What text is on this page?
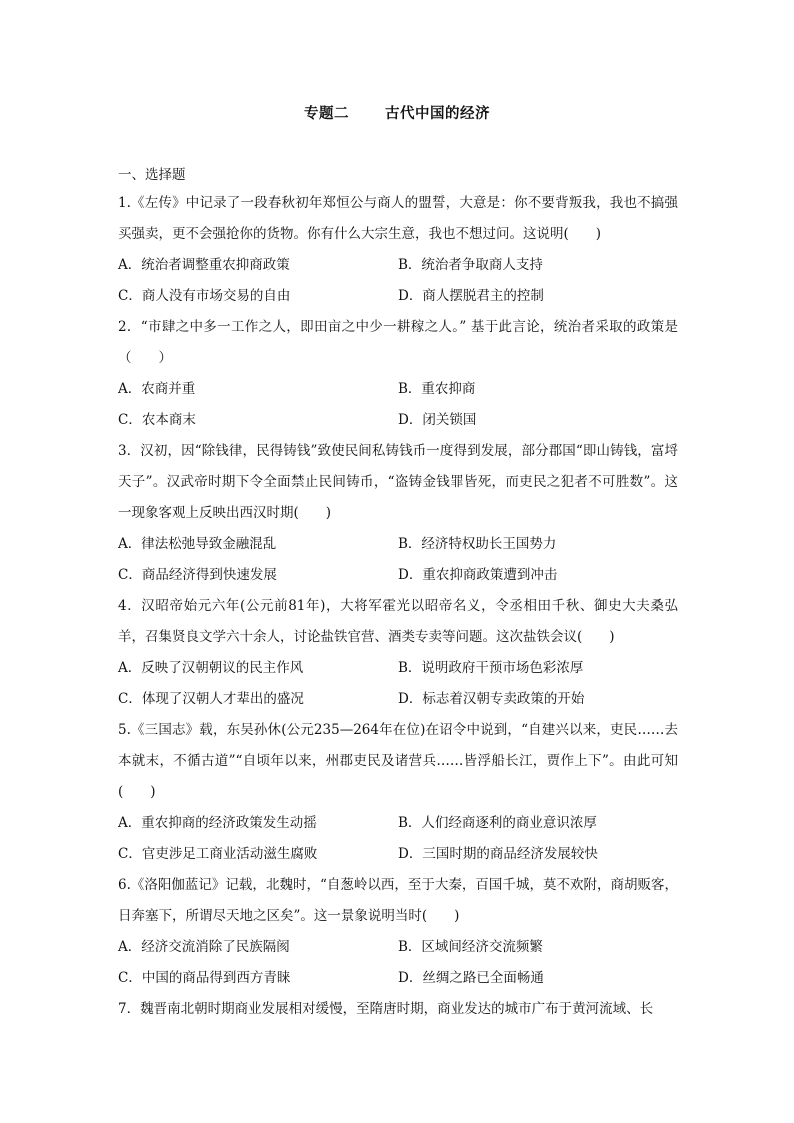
专题二 古代中国的经济
一、选择题
1.《左传》中记录了一段春秋初年郑恒公与商人的盟誓，大意是：你不要背叛我，我也不搞强买强卖，更不会强抢你的货物。你有什么大宗生意，我也不想过问。这说明(　　)
A．统治者调整重农抑商政策	B．统治者争取商人支持
C．商人没有市场交易的自由	D．商人摆脱君主的控制
2．“市肆之中多一工作之人，即田亩之中少一耕稼之人。” 基于此言论，统治者采取的政策是（　　）
A．农商并重	B．重农抑商
C．农本商末	D．闭关锁国
3．汉初，因“除钱律，民得铸钱”致使民间私铸钱币一度得到发展，部分郡国“即山铸钱，富埒天子”。汉武帝时期下令全面禁止民间铸币，“盗铸金钱罪皆死，而吏民之犯者不可胜数”。这一现象客观上反映出西汉时期(　　)
A．律法松弛导致金融混乱	B．经济特权助长王国势力
C．商品经济得到快速发展	D．重农抑商政策遭到冲击
4．汉昭帝始元六年(公元前81年)，大将军霍光以昭帝名义，令丞相田千秋、御史大夫桑弘羊，召集贤良文学六十余人，讨论盐铁官营、酒类专卖等问题。这次盐铁会议(　　)
A．反映了汉朝朝议的民主作风	B．说明政府干预市场色彩浓厚
C．体现了汉朝人才辈出的盛况	D．标志着汉朝专卖政策的开始
5.《三国志》载，东吴孙休(公元235—264年在位)在诏令中说到，“自建兴以来，吏民……去本就末，不循古道”“自顷年以来，州郡吏民及诸营兵……皆浮船长江，贾作上下”。由此可知(　　)
A．重农抑商的经济政策发生动摇	B．人们经商逐利的商业意识浓厚
C．官吏涉足工商业活动滋生腐败	D．三国时期的商品经济发展较快
6.《洛阳伽蓝记》记载，北魏时，“自葱岭以西，至于大秦，百国千城，莫不欢附，商胡贩客，日奔塞下，所谓尽天地之区矣”。这一景象说明当时(　　)
A．经济交流消除了民族隔阂	B．区域间经济交流频繁
C．中国的商品得到西方青睐	D．丝绸之路已全面畅通
7．魏晋南北朝时期商业发展相对缓慢，至隋唐时期，商业发达的城市广布于黄河流域、长
